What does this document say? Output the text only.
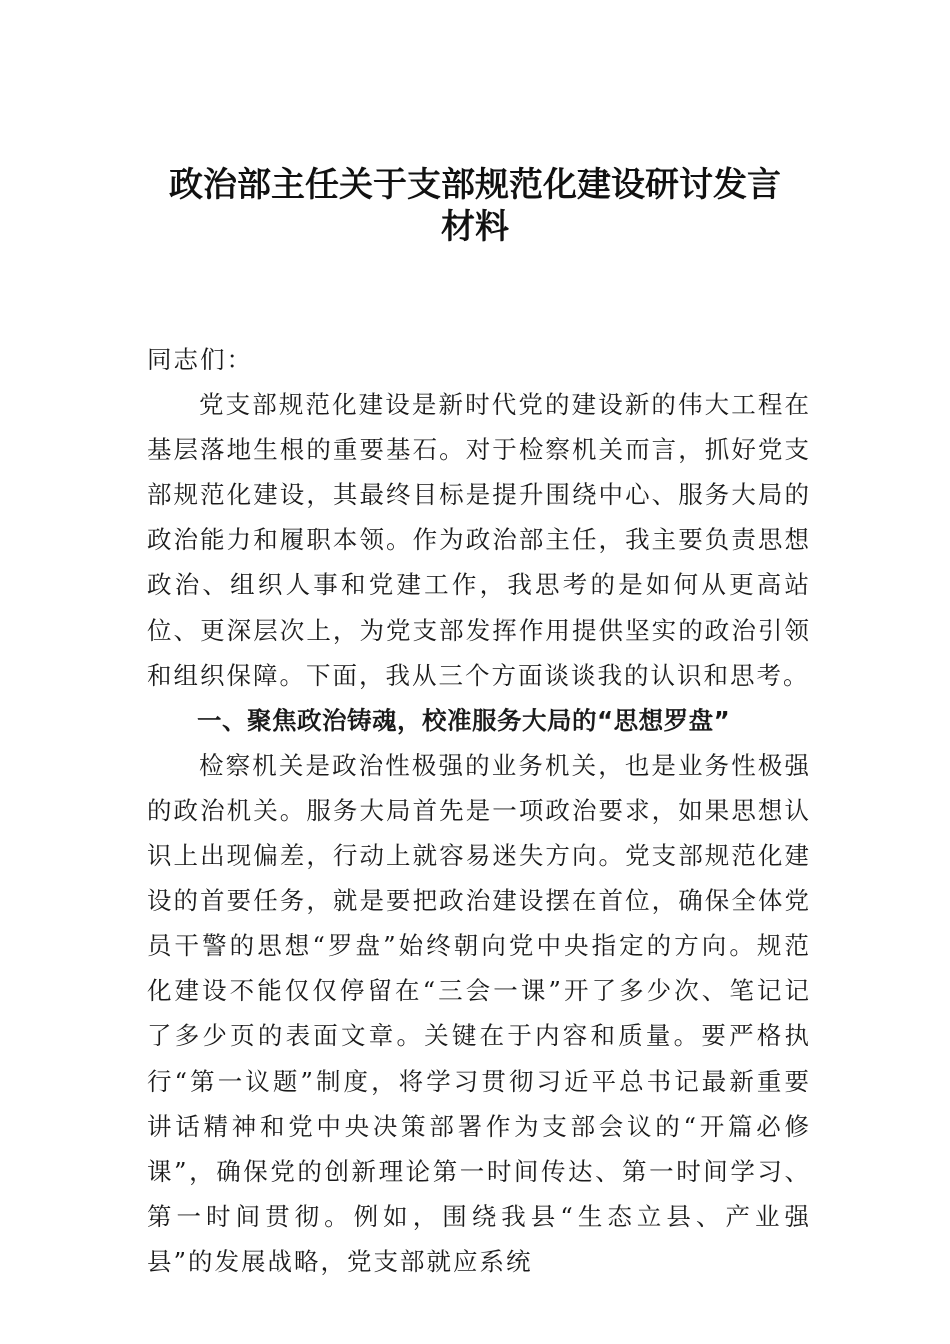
政治部主任关于支部规范化建设研讨发言
材料

同志们：

党支部规范化建设是新时代党的建设新的伟大工程在基层落地生根的重要基石。对于检察机关而言，抓好党支部规范化建设，其最终目标是提升围绕中心、服务大局的政治能力和履职本领。作为政治部主任，我主要负责思想政治、组织人事和党建工作，我思考的是如何从更高站位、更深层次上，为党支部发挥作用提供坚实的政治引领和组织保障。下面，我从三个方面谈谈我的认识和思考。

一、聚焦政治铸魂，校准服务大局的“思想罗盘”

检察机关是政治性极强的业务机关，也是业务性极强的政治机关。服务大局首先是一项政治要求，如果思想认识上出现偏差，行动上就容易迷失方向。党支部规范化建设的首要任务，就是要把政治建设摆在首位，确保全体党员干警的思想“罗盘”始终朝向党中央指定的方向。规范化建设不能仅仅停留在“三会一课”开了多少次、笔记记了多少页的表面文章。关键在于内容和质量。要严格执行“第一议题”制度，将学习贯彻习近平总书记最新重要讲话精神和党中央决策部署作为支部会议的“开篇必修课”，确保党的创新理论第一时间传达、第一时间学习、第一时间贯彻。例如，围绕我县“生态立县、产业强县”的发展战略，党支部就应系统
